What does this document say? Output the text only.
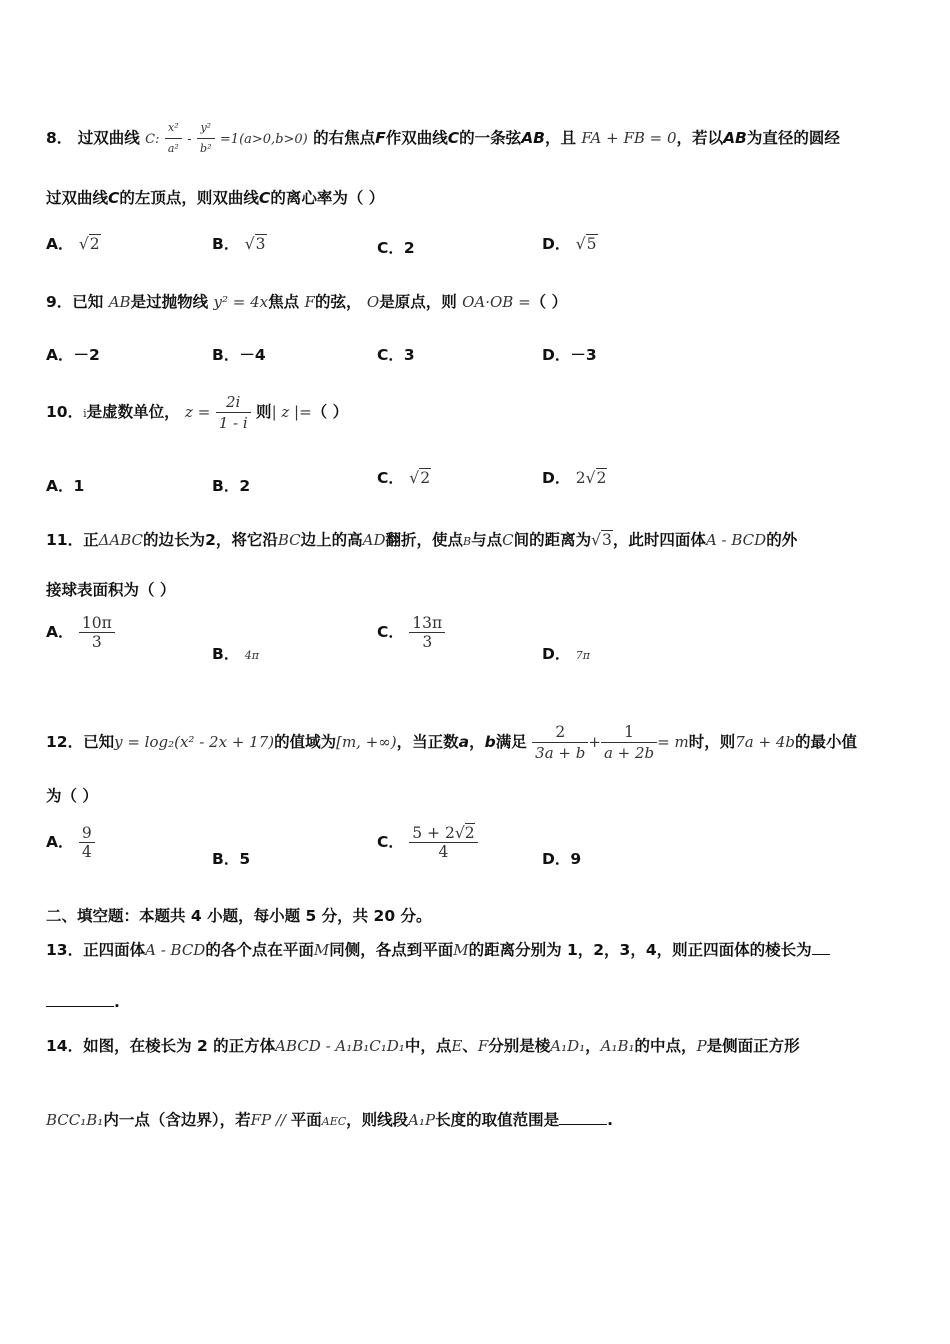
8． 过双曲线 C: $\frac{\text{x²}}{\text{a²}} - \frac{\text{y²}}{\text{b²}} =1(a>0,b>0)$ 的右焦点F作双曲线C的一条弦AB，且 FA + FB = 0，若以AB为直径的圆经
过双曲线C的左顶点，则双曲线C的离心率为（ ）
A． √2	B． √3	C．2	D． √5
9．已知 AB是过抛物线 y² = 4x焦点 F的弦， O是原点，则 OA·OB =（ ）
A．－2	B．－4	C．3	D．－3
10．i是虚数单位， $z = \frac{2i}{1 - i}$ 则| z |=（ ）
A．1	B．2	C． √2	D． 2√2
11．正ΔABC的边长为2，将它沿BC边上的高AD翻折，使点B与点C间的距离为√3，此时四面体A - BCD的外
接球表面积为（ ）
A． $\frac{10\pi}{3}$
B． 4π
C． $\frac{13\pi}{3}$
D． 7π
12．已知y = log₂(x² - 2x + 17)的值域为[m, +∞)，当正数a，b满足 $\frac{2}{3a + b} + \frac{1}{a + 2b} = m$时，则7a + 4b的最小值
为（ ）
A． $\frac{9}{4}$	B．5
C． $\frac{5 + 2√2}{4}$	D．9
二、填空题：本题共 4 小题，每小题 5 分，共 20 分。
13．正四面体A - BCD的各个点在平面M同侧，各点到平面M的距离分别为 1，2，3，4，则正四面体的棱长为
.
14．如图，在棱长为 2 的正方体ABCD - A₁B₁C₁D₁中，点E、F分别是棱A₁D₁，A₁B₁的中点，P是侧面正方形
BCC₁B₁内一点（含边界），若FP // 平面AEC，则线段A₁P长度的取值范围是	.
